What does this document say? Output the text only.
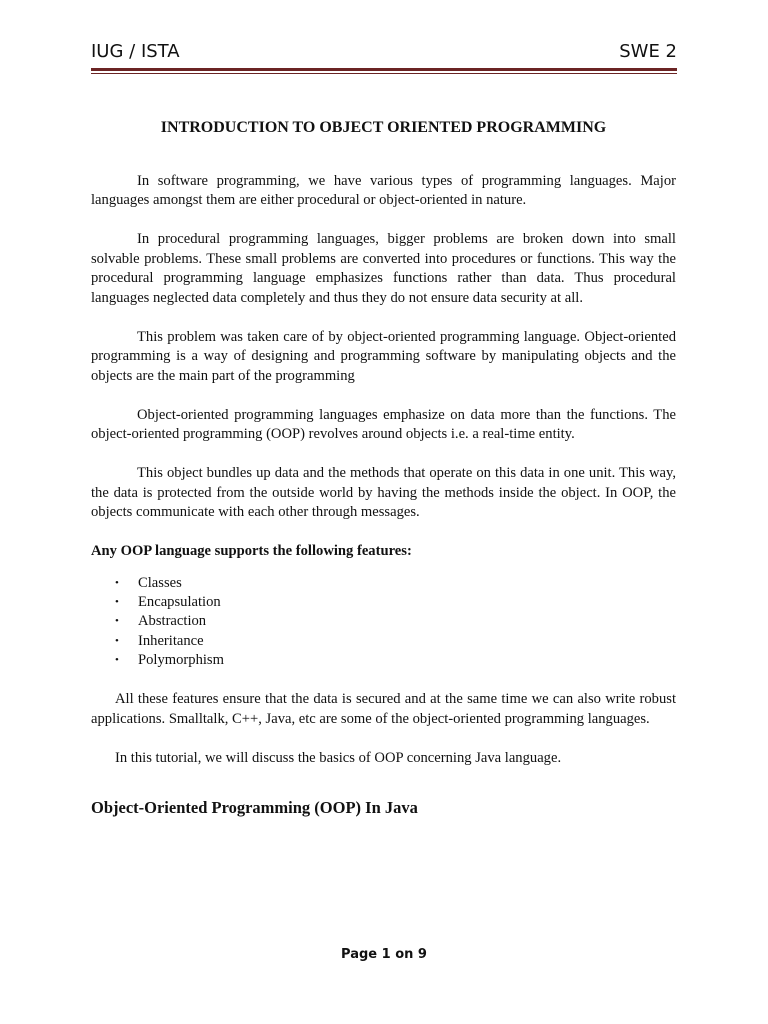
IUG / ISTA	SWE 2
INTRODUCTION TO OBJECT ORIENTED PROGRAMMING

In software programming, we have various types of programming languages. Major languages amongst them are either procedural or object-oriented in nature.

In procedural programming languages, bigger problems are broken down into small solvable problems. These small problems are converted into procedures or functions. This way the procedural programming language emphasizes functions rather than data. Thus procedural languages neglected data completely and thus they do not ensure data security at all.

This problem was taken care of by object-oriented programming language. Object-oriented programming is a way of designing and programming software by manipulating objects and the objects are the main part of the programming

Object-oriented programming languages emphasize on data more than the functions. The object-oriented programming (OOP) revolves around objects i.e. a real-time entity.

This object bundles up data and the methods that operate on this data in one unit. This way, the data is protected from the outside world by having the methods inside the object. In OOP, the objects communicate with each other through messages.

Any OOP language supports the following features:
• Classes
• Encapsulation
• Abstraction
• Inheritance
• Polymorphism

All these features ensure that the data is secured and at the same time we can also write robust applications. Smalltalk, C++, Java, etc are some of the object-oriented programming languages.

In this tutorial, we will discuss the basics of OOP concerning Java language.

Object-Oriented Programming (OOP) In Java
Page 1 on 9
